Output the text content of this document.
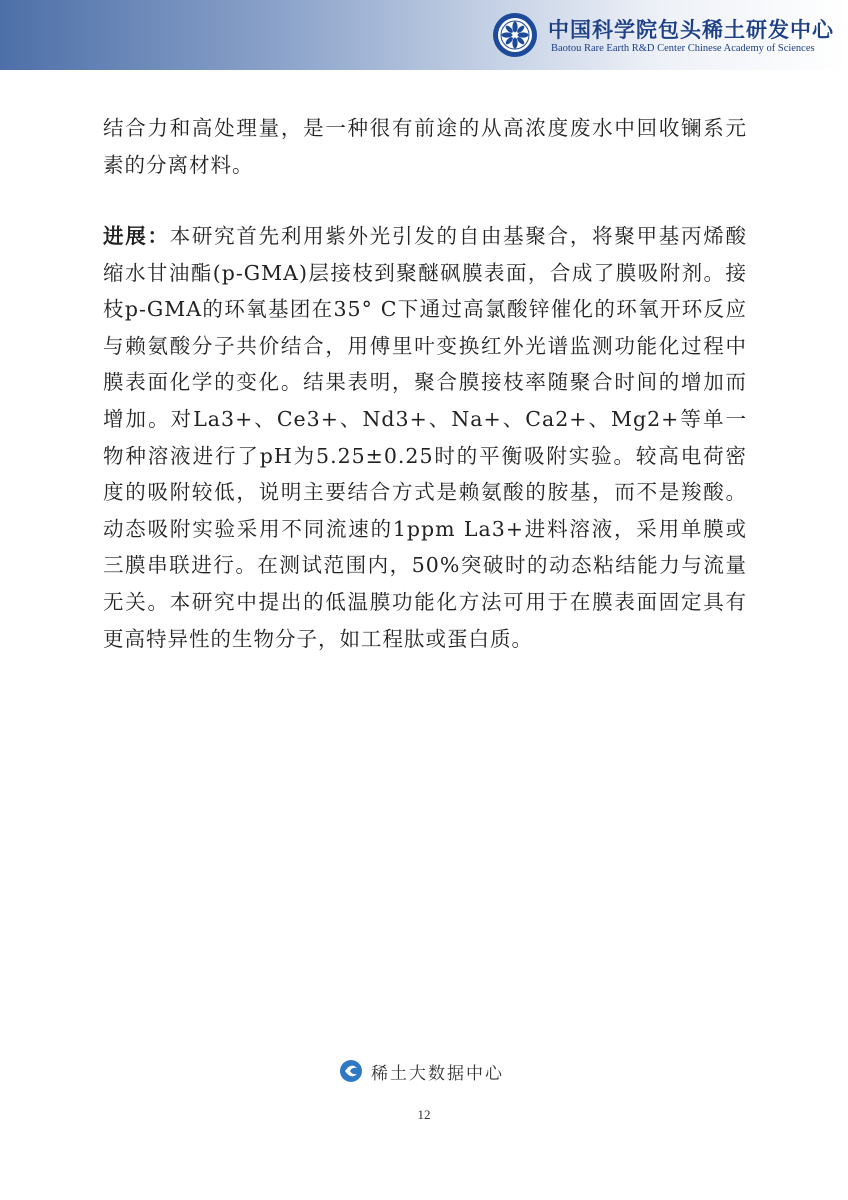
中国科学院包头稀土研发中心
Baotou Rare Earth R&D Center Chinese Academy of Sciences
结合力和高处理量，是一种很有前途的从高浓度废水中回收镧系元素的分离材料。
进展：本研究首先利用紫外光引发的自由基聚合，将聚甲基丙烯酸缩水甘油酯(p-GMA)层接枝到聚醚砜膜表面，合成了膜吸附剂。接枝p-GMA的环氧基团在35° C下通过高氯酸锌催化的环氧开环反应与赖氨酸分子共价结合，用傅里叶变换红外光谱监测功能化过程中膜表面化学的变化。结果表明，聚合膜接枝率随聚合时间的增加而增加。对La3+、Ce3+、Nd3+、Na+、Ca2+、Mg2+等单一物种溶液进行了pH为5.25±0.25时的平衡吸附实验。较高电荷密度的吸附较低，说明主要结合方式是赖氨酸的胺基，而不是羧酸。动态吸附实验采用不同流速的1ppm La3+进料溶液，采用单膜或三膜串联进行。在测试范围内，50%突破时的动态粘结能力与流量无关。本研究中提出的低温膜功能化方法可用于在膜表面固定具有更高特异性的生物分子，如工程肽或蛋白质。
稀土大数据中心
12
